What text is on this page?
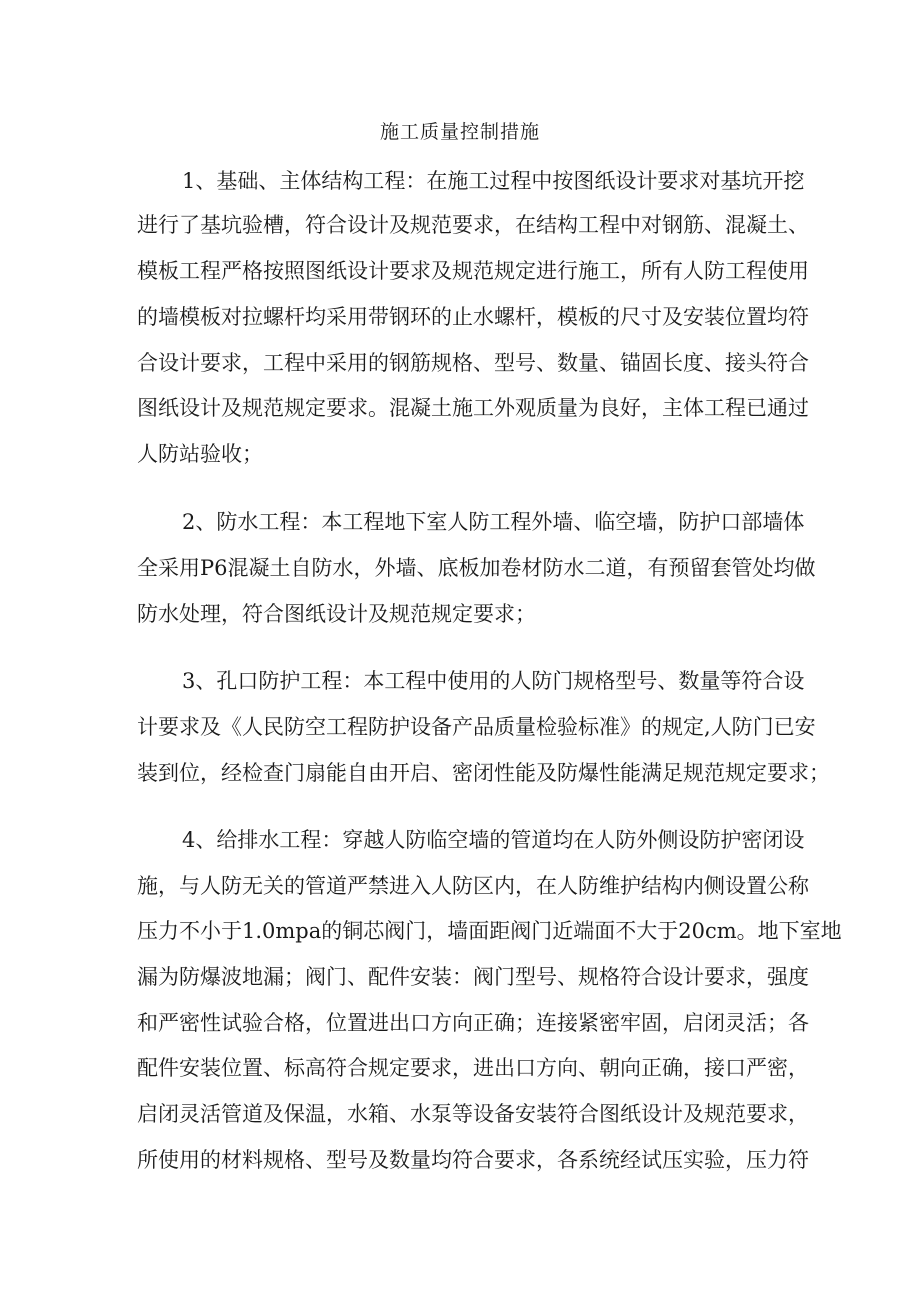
施工质量控制措施
1、基础、主体结构工程：在施工过程中按图纸设计要求对基坑开挖
进行了基坑验槽，符合设计及规范要求，在结构工程中对钢筋、混凝土、
模板工程严格按照图纸设计要求及规范规定进行施工，所有人防工程使用
的墙模板对拉螺杆均采用带钢环的止水螺杆，模板的尺寸及安装位置均符
合设计要求，工程中采用的钢筋规格、型号、数量、锚固长度、接头符合
图纸设计及规范规定要求。混凝土施工外观质量为良好，主体工程已通过
人防站验收；
2、防水工程：本工程地下室人防工程外墙、临空墙，防护口部墙体
全采用P6混凝土自防水，外墙、底板加卷材防水二道，有预留套管处均做
防水处理，符合图纸设计及规范规定要求；
3、孔口防护工程：本工程中使用的人防门规格型号、数量等符合设
计要求及《人民防空工程防护设备产品质量检验标准》的规定,人防门已安
装到位，经检查门扇能自由开启、密闭性能及防爆性能满足规范规定要求；
4、给排水工程：穿越人防临空墙的管道均在人防外侧设防护密闭设
施，与人防无关的管道严禁进入人防区内，在人防维护结构内侧设置公称
压力不小于1.0mpa的铜芯阀门，墙面距阀门近端面不大于20cm。地下室地
漏为防爆波地漏；阀门、配件安装：阀门型号、规格符合设计要求，强度
和严密性试验合格，位置进出口方向正确；连接紧密牢固，启闭灵活；各
配件安装位置、标高符合规定要求，进出口方向、朝向正确，接口严密，
启闭灵活管道及保温，水箱、水泵等设备安装符合图纸设计及规范要求，
所使用的材料规格、型号及数量均符合要求，各系统经试压实验，压力符
